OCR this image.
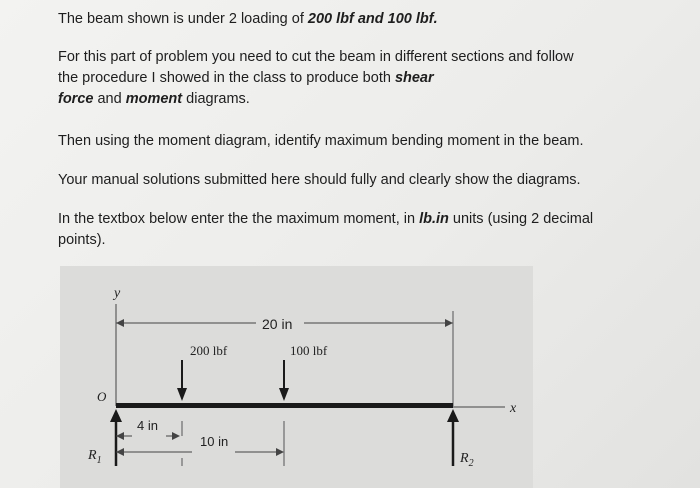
The beam shown is under 2 loading of 200 lbf and 100 lbf.

For this part of problem you need to cut the beam in different sections and follow
the procedure I showed in the class to produce both shear
force and moment diagrams.

Then using the moment diagram, identify maximum bending moment in the beam.

Your manual solutions submitted here should fully and clearly show the diagrams.

In the textbox below enter the the maximum moment, in lb.in units (using 2 decimal
points).

y
O
x
20 in
200 lbf	100 lbf
$R_1$	$R_2$
4 in
10 in
